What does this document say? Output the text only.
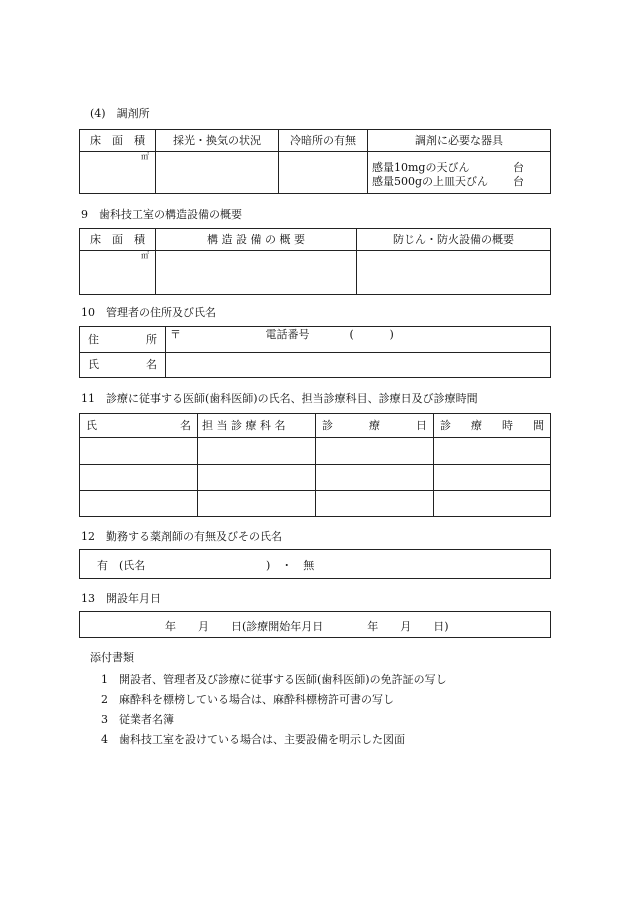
(4)　調剤所
床　面　積	採光・換気の状況	冷暗所の有無	調剤に必要な器具

㎡			感量10mgの天びん 台
感量500gの上皿天びん 台
9　歯科技工室の構造設備の概要
床　面　積	構 造 設 備 の 概 要	防じん・防火設備の概要

㎡		

10　管理者の住所及び氏名
住 所	〒 電話番号 ( )

氏 名	

11　診療に従事する医師(歯科医師)の氏名、担当診療科目、診療日及び診療時間
氏 名	担 当 診 療 科 名	診 療 日	診 療 時 間

12　勤務する薬剤師の有無及びその氏名
有　(氏名	)　・　無
13　開設年月日
年　　月　　日(診療開始年月日　　　　年　　月　　日)
添付書類
1　開設者、管理者及び診療に従事する医師(歯科医師)の免許証の写し
2　麻酔科を標榜している場合は、麻酔科標榜許可書の写し
3　従業者名簿
4　歯科技工室を設けている場合は、主要設備を明示した図面
